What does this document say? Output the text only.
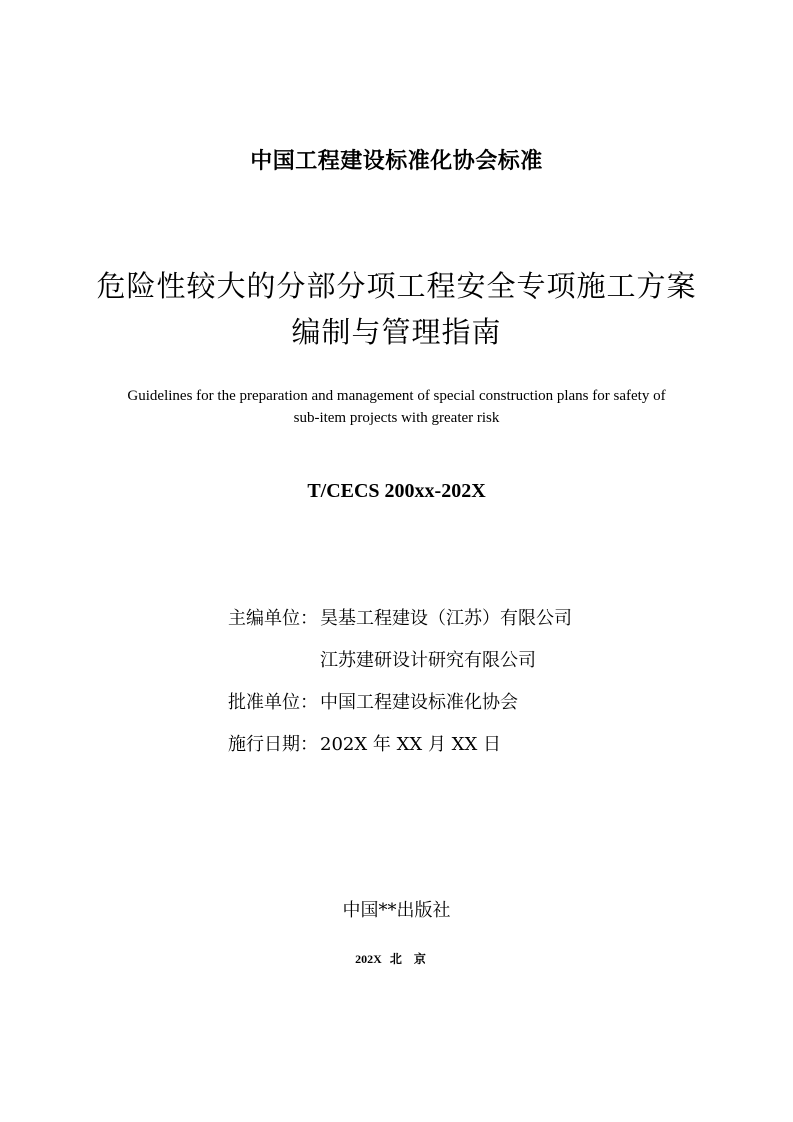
中国工程建设标准化协会标准
危险性较大的分部分项工程安全专项施工方案
编制与管理指南
Guidelines for the preparation and management of special construction plans for safety of
sub-item projects with greater risk
T/CECS 200xx-202X
主编单位： 昊基工程建设（江苏）有限公司
江苏建研设计研究有限公司
批准单位： 中国工程建设标准化协会
施行日期： 202X 年 XX 月 XX 日
中国**出版社
202X 北京
